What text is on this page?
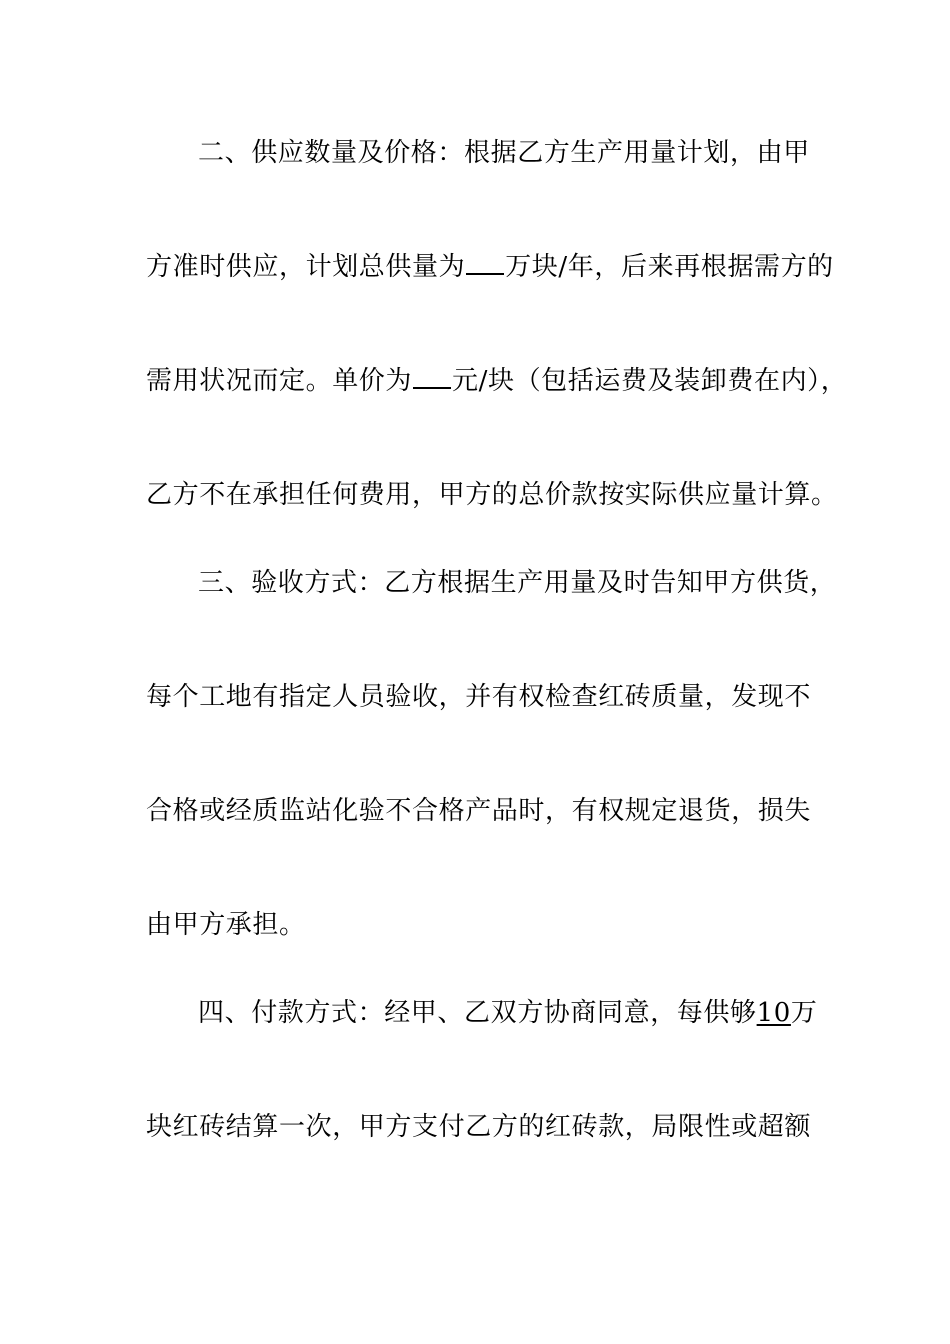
二、供应数量及价格：根据乙方生产用量计划，由甲
方准时供应，计划总供量为 万块/年，后来再根据需方的
需用状况而定。单价为 元/块（包括运费及装卸费在内），
乙方不在承担任何费用，甲方的总价款按实际供应量计算。
三、验收方式：乙方根据生产用量及时告知甲方供货，
每个工地有指定人员验收，并有权检查红砖质量，发现不
合格或经质监站化验不合格产品时，有权规定退货，损失
由甲方承担。
四、付款方式：经甲、乙双方协商同意，每供够10万
块红砖结算一次，甲方支付乙方的红砖款，局限性或超额
